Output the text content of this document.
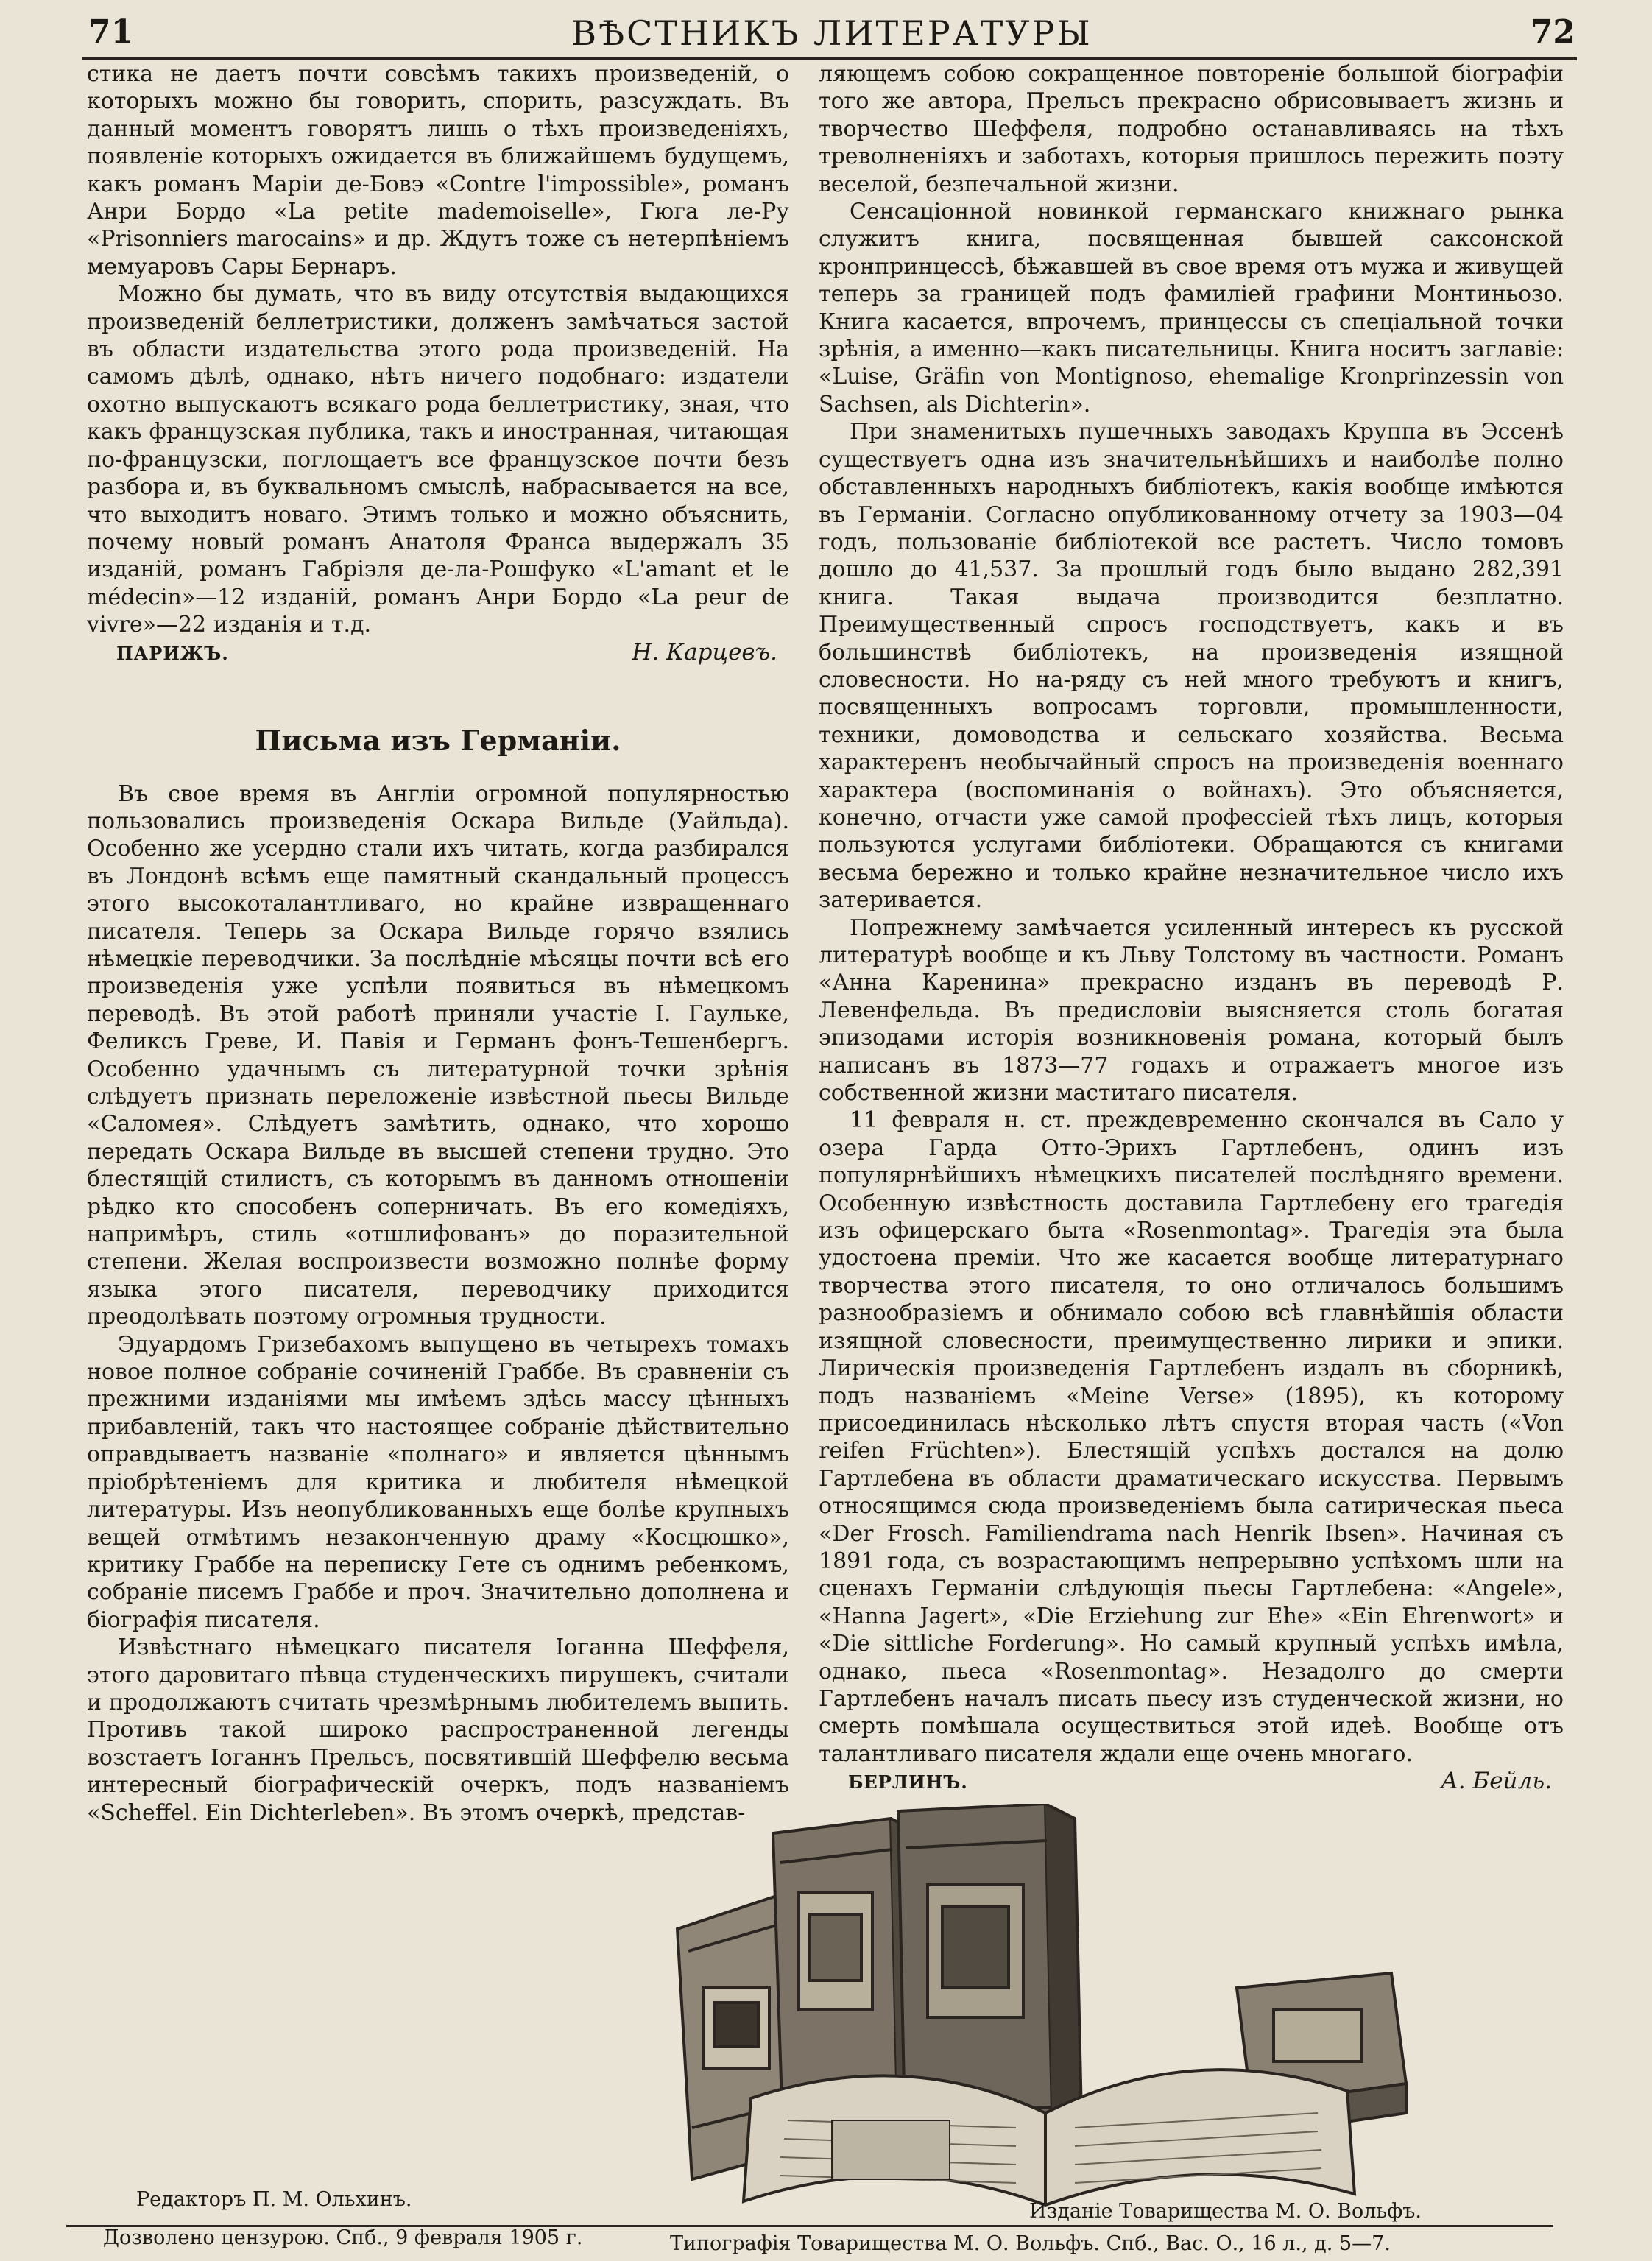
71	ВѢСТНИКЪ ЛИТЕРАТУРЫ	72

стика не даетъ почти совсѣмъ такихъ произведеній, о которыхъ можно бы говорить, спорить, разсуждать. Въ данный моментъ говорятъ лишь о тѣхъ произведеніяхъ, появленіе которыхъ ожидается въ ближайшемъ будущемъ, какъ романъ Маріи де-Бовэ «Contre l'impossible», романъ Анри Бордо «La petite mademoiselle», Гюга ле-Ру «Prisonniers marocains» и др. Ждутъ тоже съ нетерпѣніемъ мемуаровъ Сары Бернаръ.

Можно бы думать, что въ виду отсутствія выдающихся произведеній беллетристики, долженъ замѣчаться застой въ области издательства этого рода произведеній. На самомъ дѣлѣ, однако, нѣтъ ничего подобнаго: издатели охотно выпускаютъ всякаго рода беллетристику, зная, что какъ французская публика, такъ и иностранная, читающая по-французски, поглощаетъ все французское почти безъ разбора и, въ буквальномъ смыслѣ, набрасывается на все, что выходитъ новаго. Этимъ только и можно объяснить, почему новый романъ Анатоля Франса выдержалъ 35 изданій, романъ Габріэля де-ла-Рошфуко «L'amant et le médecin»—12 изданій, романъ Анри Бордо «La peur de vivre»—22 изданія и т.д.

ПАРИЖЪ.	Н. Карцевъ.
Письма изъ Германіи.

Въ свое время въ Англіи огромной популярностью пользовались произведенія Оскара Вильде (Уайльда). Особенно же усердно стали ихъ читать, когда разбирался въ Лондонѣ всѣмъ еще памятный скандальный процессъ этого высокоталантливаго, но крайне извращеннаго писателя. Теперь за Оскара Вильде горячо взялись нѣмецкіе переводчики. За послѣдніе мѣсяцы почти всѣ его произведенія уже успѣли появиться въ нѣмецкомъ переводѣ. Въ этой работѣ приняли участіе I. Гаульке, Феликсъ Греве, И. Павія и Германъ фонъ-Тешенбергъ. Особенно удачнымъ съ литературной точки зрѣнія слѣдуетъ признать переложеніе извѣстной пьесы Вильде «Саломея». Слѣдуетъ замѣтить, однако, что хорошо передать Оскара Вильде въ высшей степени трудно. Это блестящій стилистъ, съ которымъ въ данномъ отношеніи рѣдко кто способенъ соперничать. Въ его комедіяхъ, напримѣръ, стиль «отшлифованъ» до поразительной степени. Желая воспроизвести возможно полнѣе форму языка этого писателя, переводчику приходится преодолѣвать поэтому огромныя трудности.

Эдуардомъ Гризебахомъ выпущено въ четырехъ томахъ новое полное собраніе сочиненій Граббе. Въ сравненіи съ прежними изданіями мы имѣемъ здѣсь массу цѣнныхъ прибавленій, такъ что настоящее собраніе дѣйствительно оправдываетъ названіе «полнаго» и является цѣннымъ пріобрѣтеніемъ для критика и любителя нѣмецкой литературы. Изъ неопубликованныхъ еще болѣе крупныхъ вещей отмѣтимъ незаконченную драму «Косцюшко», критику Граббе на переписку Гете съ однимъ ребенкомъ, собраніе писемъ Граббе и проч. Значительно дополнена и біографія писателя.

Извѣстнаго нѣмецкаго писателя Іоганна Шеффеля, этого даровитаго пѣвца студенческихъ пирушекъ, считали и продолжаютъ считать чрезмѣрнымъ любителемъ выпить. Противъ такой широко распространенной легенды возстаетъ Іоганнъ Прельсъ, посвятившій Шеффелю весьма интересный біографическій очеркъ, подъ названіемъ «Scheffel. Ein Dichterleben». Въ этомъ очеркѣ, представ-

ляющемъ собою сокращенное повтореніе большой біографіи того же автора, Прельсъ прекрасно обрисовываетъ жизнь и творчество Шеффеля, подробно останавливаясь на тѣхъ треволненіяхъ и заботахъ, которыя пришлось пережить поэту веселой, безпечальной жизни.

Сенсаціонной новинкой германскаго книжнаго рынка служитъ книга, посвященная бывшей саксонской кронпринцессѣ, бѣжавшей въ свое время отъ мужа и живущей теперь за границей подъ фамиліей графини Монтиньозо. Книга касается, впрочемъ, принцессы съ спеціальной точки зрѣнія, а именно—какъ писательницы. Книга носитъ заглавіе: «Luise, Gräfin von Montignoso, ehemalige Kronprinzessin von Sachsen, als Dichterin».

При знаменитыхъ пушечныхъ заводахъ Круппа въ Эссенѣ существуетъ одна изъ значительнѣйшихъ и наиболѣе полно обставленныхъ народныхъ библіотекъ, какія вообще имѣются въ Германіи. Согласно опубликованному отчету за 1903—04 годъ, пользованіе библіотекой все растетъ. Число томовъ дошло до 41,537. За прошлый годъ было выдано 282,391 книга. Такая выдача производится безплатно. Преимущественный спросъ господствуетъ, какъ и въ большинствѣ библіотекъ, на произведенія изящной словесности. Но на-ряду съ ней много требуютъ и книгъ, посвященныхъ вопросамъ торговли, промышленности, техники, домоводства и сельскаго хозяйства. Весьма характеренъ необычайный спросъ на произведенія военнаго характера (воспоминанія о войнахъ). Это объясняется, конечно, отчасти уже самой профессіей тѣхъ лицъ, которыя пользуются услугами библіотеки. Обращаются съ книгами весьма бережно и только крайне незначительное число ихъ затеривается.

Попрежнему замѣчается усиленный интересъ къ русской литературѣ вообще и къ Льву Толстому въ частности. Романъ «Анна Каренина» прекрасно изданъ въ переводѣ Р. Левенфельда. Въ предисловіи выясняется столь богатая эпизодами исторія возникновенія романа, который былъ написанъ въ 1873—77 годахъ и отражаетъ многое изъ собственной жизни маститаго писателя.

11 февраля н. ст. преждевременно скончался въ Сало у озера Гарда Отто-Эрихъ Гартлебенъ, одинъ изъ популярнѣйшихъ нѣмецкихъ писателей послѣдняго времени. Особенную извѣстность доставила Гартлебену его трагедія изъ офицерскаго быта «Rosenmontag». Трагедія эта была удостоена преміи. Что же касается вообще литературнаго творчества этого писателя, то оно отличалось большимъ разнообразіемъ и обнимало собою всѣ главнѣйшія области изящной словесности, преимущественно лирики и эпики. Лирическія произведенія Гартлебенъ издалъ въ сборникѣ, подъ названіемъ «Meine Verse» (1895), къ которому присоединилась нѣсколько лѣтъ спустя вторая часть («Von reifen Früchten»). Блестящій успѣхъ достался на долю Гартлебена въ области драматическаго искусства. Первымъ относящимся сюда произведеніемъ была сатирическая пьеса «Der Frosch. Familiendrama nach Henrik Ibsen». Начиная съ 1891 года, съ возрастающимъ непрерывно успѣхомъ шли на сценахъ Германіи слѣдующія пьесы Гартлебена: «Angele», «Hanna Jagert», «Die Erziehung zur Ehe» «Ein Ehrenwort» и «Die sittliche Forderung». Но самый крупный успѣхъ имѣла, однако, пьеса «Rosenmontag». Незадолго до смерти Гартлебенъ началъ писать пьесу изъ студенческой жизни, но смерть помѣшала осуществиться этой идеѣ. Вообще отъ талантливаго писателя ждали еще очень многаго.

БЕРЛИНЪ.	А. Бейль.
Редакторъ П. М. Ольхинъ.
Изданіе Товарищества М. О. Вольфъ.
Дозволено цензурою. Спб., 9 февраля 1905 г.	Типографія Товарищества М. О. Вольфъ. Спб., Вас. О., 16 л., д. 5—7.
